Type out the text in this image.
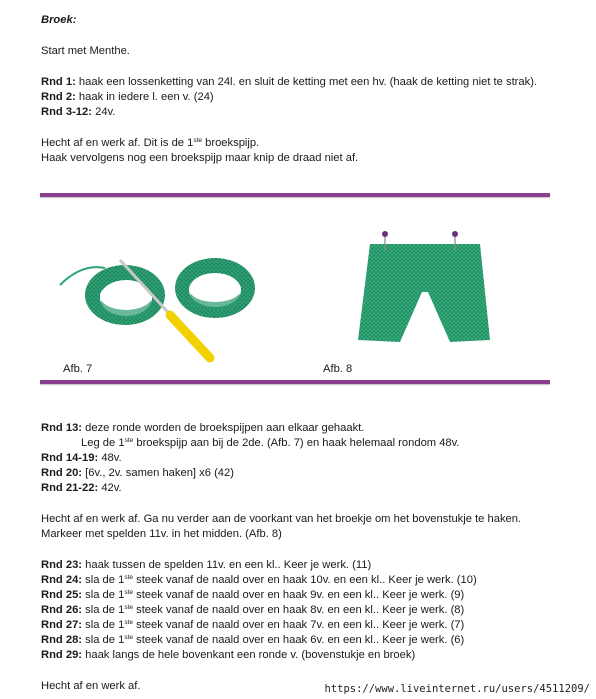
Broek:
Start met Menthe.
Rnd 1: haak een lossenketting van 24l. en sluit de ketting met een hv. (haak de ketting niet te strak).
Rnd 2: haak in iedere l. een v. (24)
Rnd 3-12: 24v.
Hecht af en werk af. Dit is de 1ste broekspijp.
Haak vervolgens nog een broekspijp maar knip de draad niet af.
Afb. 7	Afb. 8
Rnd 13: deze ronde worden de broekspijpen aan elkaar gehaakt.
Leg de 1ste broekspijp aan bij de 2de. (Afb. 7) en haak helemaal rondom 48v.
Rnd 14-19: 48v.
Rnd 20: [6v., 2v. samen haken] x6 (42)
Rnd 21-22: 42v.
Hecht af en werk af. Ga nu verder aan de voorkant van het broekje om het bovenstukje te haken.
Markeer met spelden 11v. in het midden. (Afb. 8)
Rnd 23: haak tussen de spelden 11v. en een kl.. Keer je werk. (11)
Rnd 24: sla de 1ste steek vanaf de naald over en haak 10v. en een kl.. Keer je werk. (10)
Rnd 25: sla de 1ste steek vanaf de naald over en haak 9v. en een kl.. Keer je werk. (9)
Rnd 26: sla de 1ste steek vanaf de naald over en haak 8v. en een kl.. Keer je werk. (8)
Rnd 27: sla de 1ste steek vanaf de naald over en haak 7v. en een kl.. Keer je werk. (7)
Rnd 28: sla de 1ste steek vanaf de naald over en haak 6v. en een kl.. Keer je werk. (6)
Rnd 29: haak langs de hele bovenkant een ronde v. (bovenstukje en broek)
Hecht af en werk af.	https://www.liveinternet.ru/users/4511209/
